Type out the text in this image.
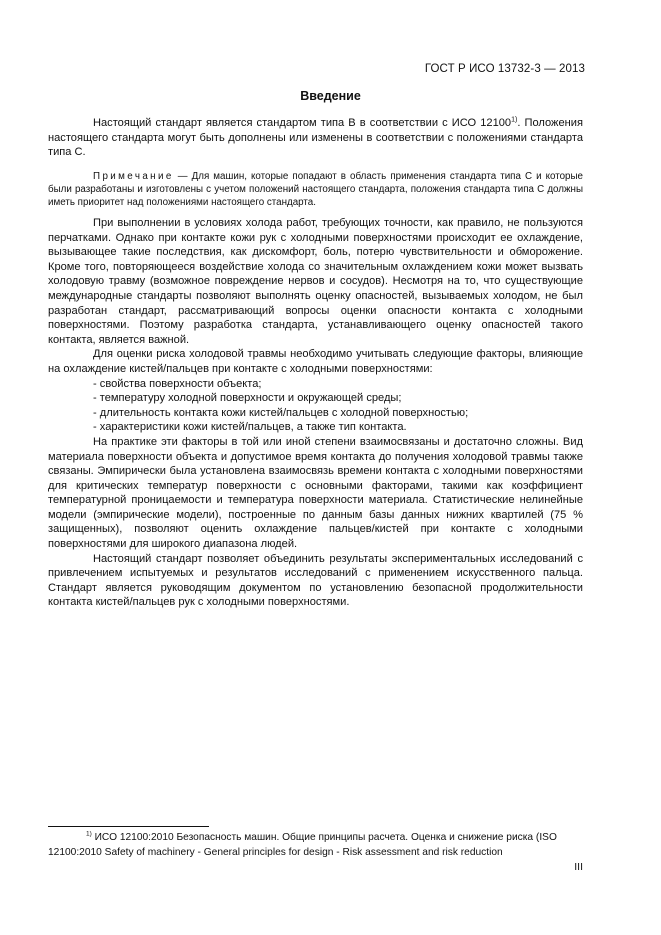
ГОСТ Р ИСО 13732-3 — 2013
Введение

Настоящий стандарт является стандартом типа B в соответствии с ИСО 12100$^{1)}$. Положения настоящего стандарта могут быть дополнены или изменены в соответствии с положениями стандарта типа C.

Примечание — Для машин, которые попадают в область применения стандарта типа C и которые были разработаны и изготовлены с учетом положений настоящего стандарта, положения стандарта типа C должны иметь приоритет над положениями настоящего стандарта.

При выполнении в условиях холода работ, требующих точности, как правило, не пользуются перчатками. Однако при контакте кожи рук с холодными поверхностями происходит ее охлаждение, вызывающее такие последствия, как дискомфорт, боль, потерю чувствительности и обморожение. Кроме того, повторяющееся воздействие холода со значительным охлаждением кожи может вызвать холодовую травму (возможное повреждение нервов и сосудов). Несмотря на то, что существующие международные стандарты позволяют выполнять оценку опасностей, вызываемых холодом, не был разработан стандарт, рассматривающий вопросы оценки опасности контакта с холодными поверхностями. Поэтому разработка стандарта, устанавливающего оценку опасностей такого контакта, является важной.

Для оценки риска холодовой травмы необходимо учитывать следующие факторы, влияющие на охлаждение кистей/пальцев при контакте с холодными поверхностями:

- свойства поверхности объекта;

- температуру холодной поверхности и окружающей среды;

- длительность контакта кожи кистей/пальцев с холодной поверхностью;

- характеристики кожи кистей/пальцев, а также тип контакта.

На практике эти факторы в той или иной степени взаимосвязаны и достаточно сложны. Вид материала поверхности объекта и допустимое время контакта до получения холодовой травмы также связаны. Эмпирически была установлена взаимосвязь времени контакта с холодными поверхностями для критических температур поверхности с основными факторами, такими как коэффициент температурной проницаемости и температура поверхности материала. Статистические нелинейные модели (эмпирические модели), построенные по данным базы данных нижних квартилей (75 % защищенных), позволяют оценить охлаждение пальцев/кистей при контакте с холодными поверхностями для широкого диапазона людей.

Настоящий стандарт позволяет объединить результаты экспериментальных исследований с привлечением испытуемых и результатов исследований с применением искусственного пальца. Стандарт является руководящим документом по установлению безопасной продолжительности контакта кистей/пальцев рук с холодными поверхностями.

$^{1)}$ ИСО 12100:2010 Безопасность машин. Общие принципы расчета. Оценка и снижение риска (ISO 12100:2010 Safety of machinery - General principles for design - Risk assessment and risk reduction

III
